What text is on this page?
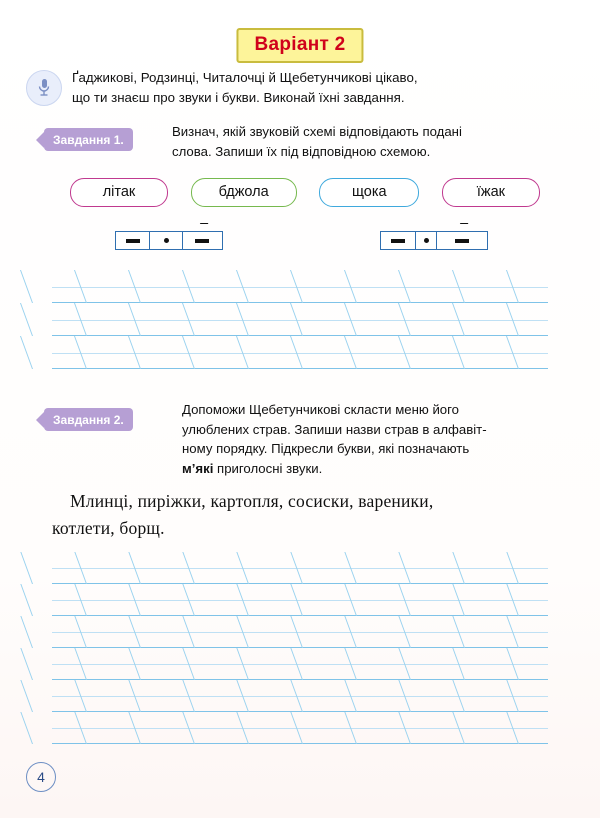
Варіант 2
Ґаджикові, Родзинці, Читалочці й Щебетунчикові цікаво,
що ти знаєш про звуки і букви. Виконай їхні завдання.
Завдання 1.
Визнач, якій звуковій схемі відповідають подані
слова. Запиши їх під відповідною схемою.
літак	бджола	щока	їжак
Завдання 2.
Допоможи Щебетунчикові скласти меню його
улюблених страв. Запиши назви страв в алфавіт-
ному порядку. Підкресли букви, які позначають
м’які приголосні звуки.
Млинці, пиріжки, картопля, сосиски, вареники,
котлети, борщ.
4
